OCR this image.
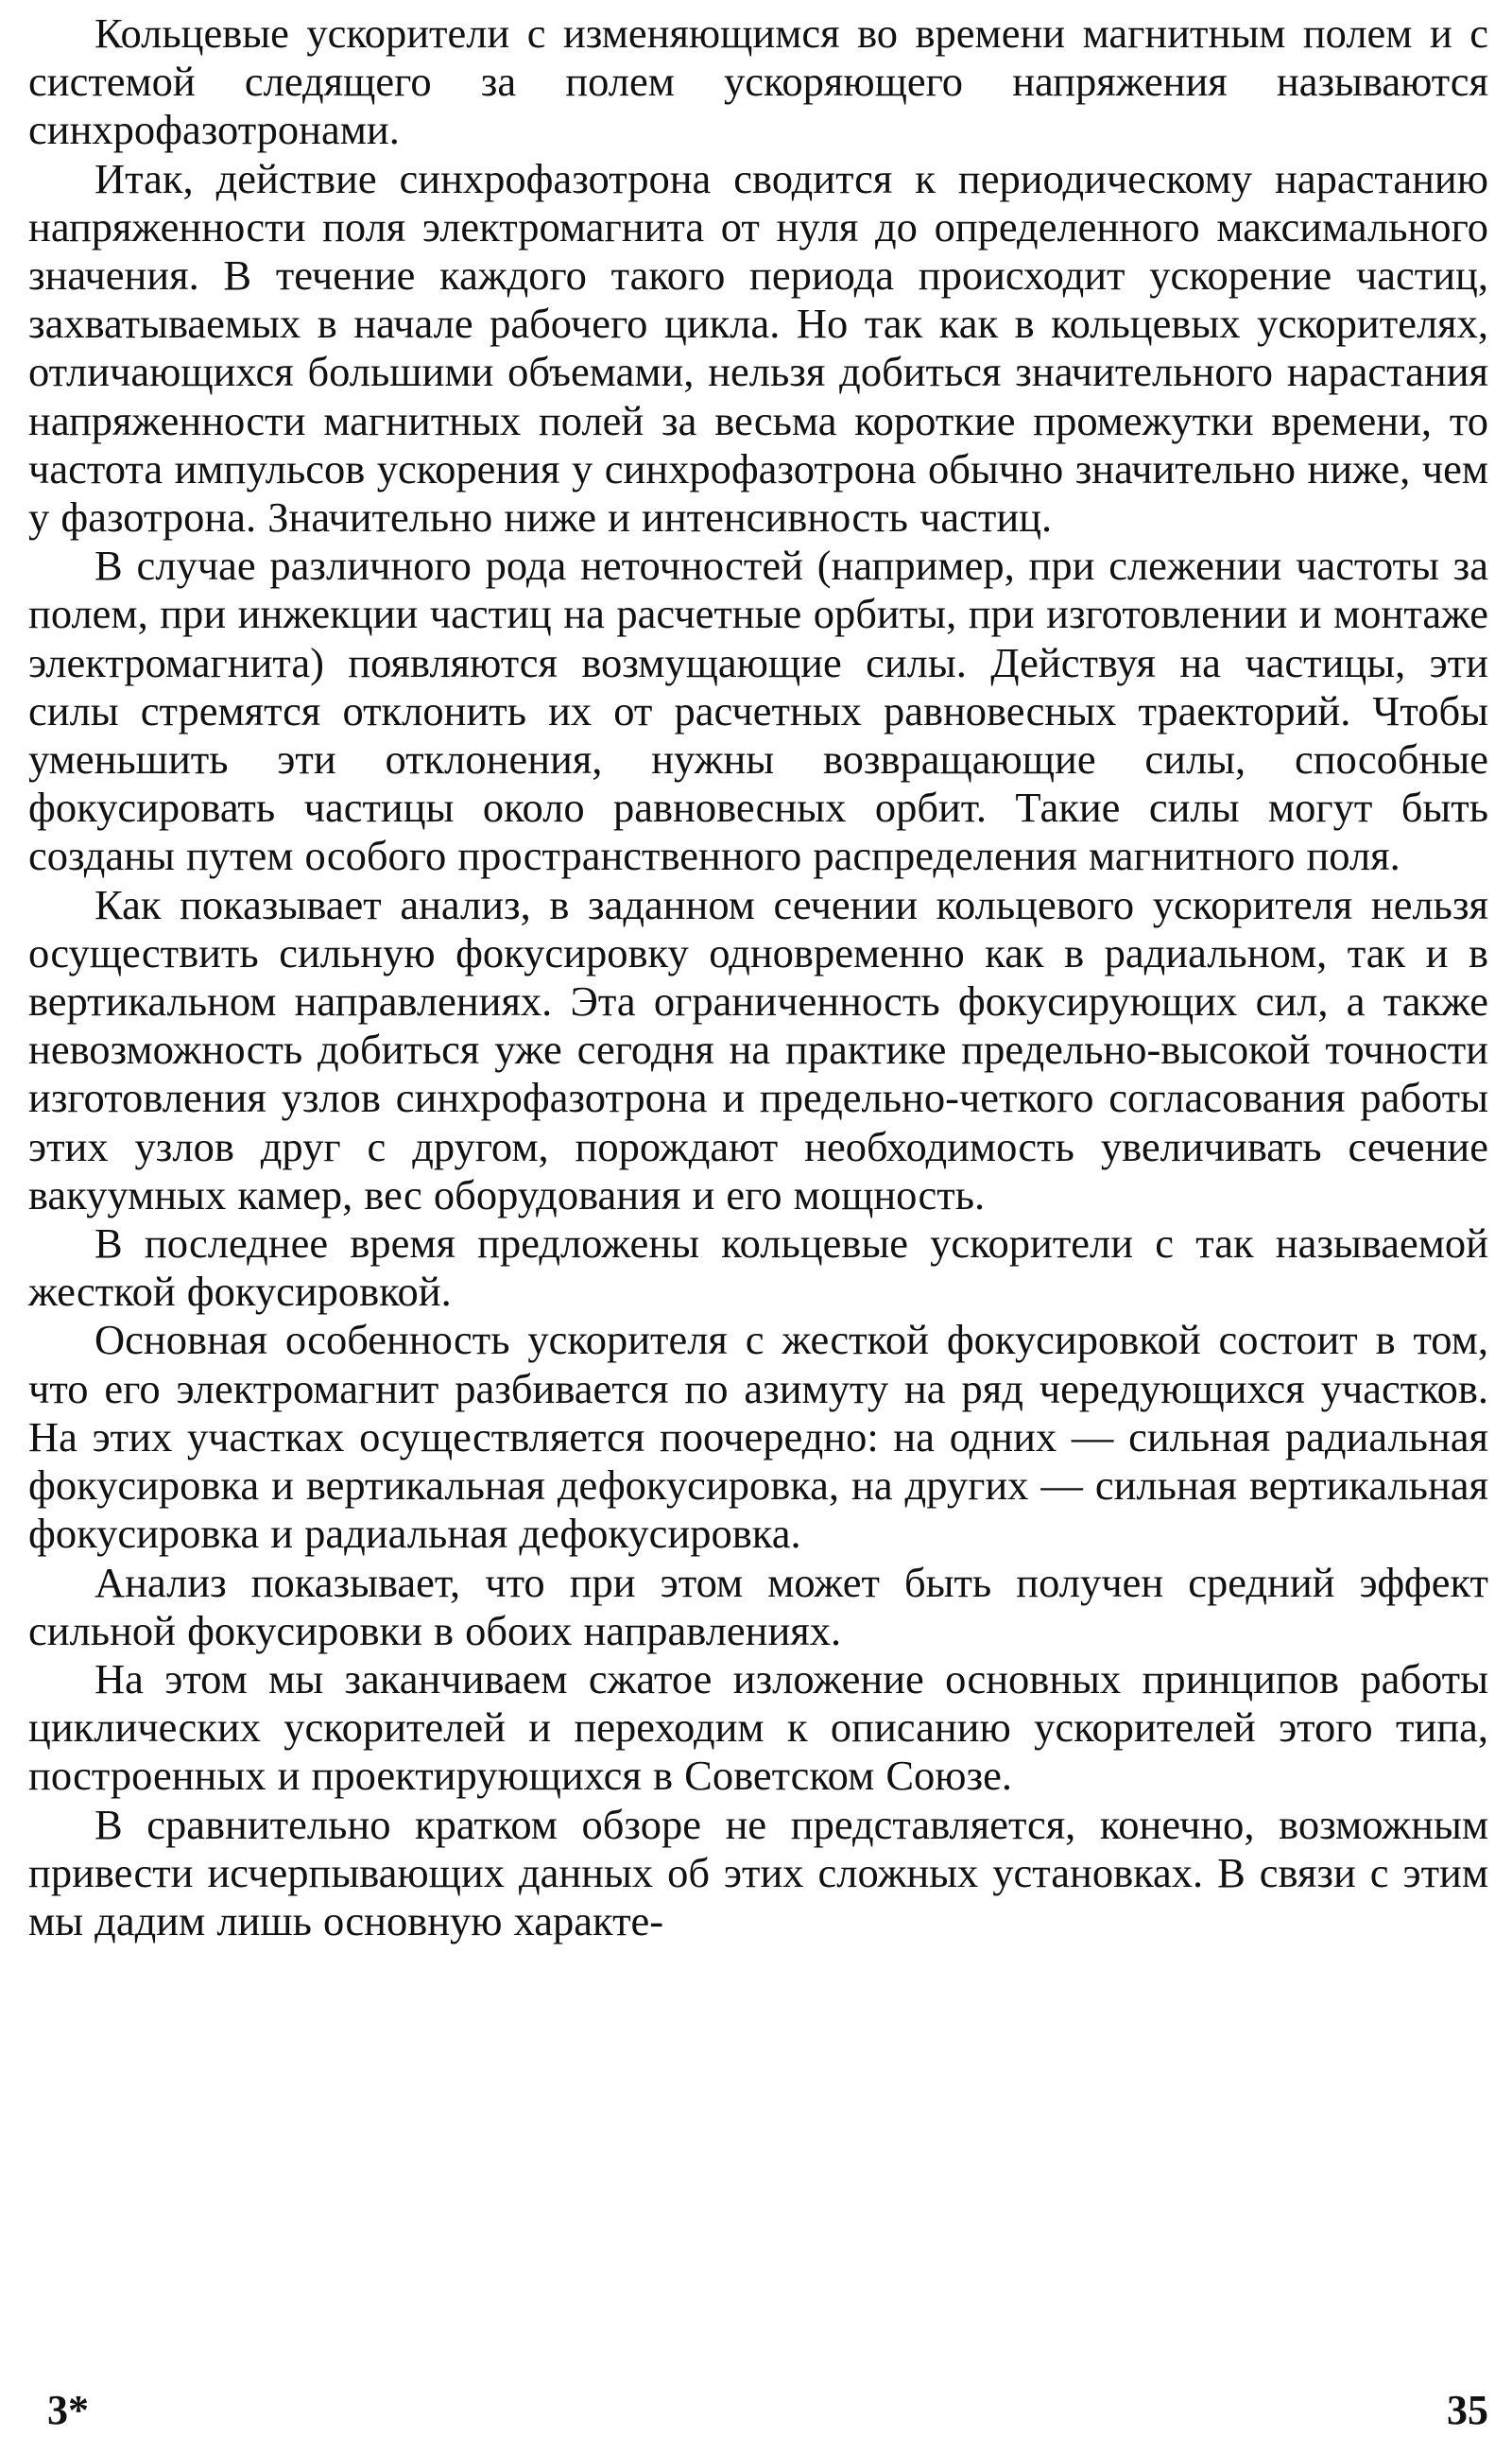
Кольцевые ускорители с изменяющимся во времени магнитным полем и с системой следящего за полем ускоряющего напряжения называются синхрофазотронами.

Итак, действие синхрофазотрона сводится к периодическому нарастанию напряженности поля электромагнита от нуля до определенного максимального значения. В течение каждого такого периода происходит ускорение частиц, захватываемых в начале рабочего цикла. Но так как в кольцевых ускорителях, отличающихся большими объемами, нельзя добиться значительного нарастания напряженности магнитных полей за весьма короткие промежутки времени, то частота импульсов ускорения у синхрофазотрона обычно значительно ниже, чем у фазотрона. Значительно ниже и интенсивность частиц.

В случае различного рода неточностей (например, при слежении частоты за полем, при инжекции частиц на расчетные орбиты, при изготовлении и монтаже электромагнита) появляются возмущающие силы. Действуя на частицы, эти силы стремятся отклонить их от расчетных равновесных траекторий. Чтобы уменьшить эти отклонения, нужны возвращающие силы, способные фокусировать частицы около равновесных орбит. Такие силы могут быть созданы путем особого пространственного распределения магнитного поля.

Как показывает анализ, в заданном сечении кольцевого ускорителя нельзя осуществить сильную фокусировку одновременно как в радиальном, так и в вертикальном направлениях. Эта ограниченность фокусирующих сил, а также невозможность добиться уже сегодня на практике предельно-высокой точности изготовления узлов синхрофазотрона и предельно-четкого согласования работы этих узлов друг с другом, порождают необходимость увеличивать сечение вакуумных камер, вес оборудования и его мощность.

В последнее время предложены кольцевые ускорители с так называемой жесткой фокусировкой.

Основная особенность ускорителя с жесткой фокусировкой состоит в том, что его электромагнит разбивается по азимуту на ряд чередующихся участков. На этих участках осуществляется поочередно: на одних — сильная радиальная фокусировка и вертикальная дефокусировка, на других — сильная вертикальная фокусировка и радиальная дефокусировка.

Анализ показывает, что при этом может быть получен средний эффект сильной фокусировки в обоих направлениях.

На этом мы заканчиваем сжатое изложение основных принципов работы циклических ускорителей и переходим к описанию ускорителей этого типа, построенных и проектирующихся в Советском Союзе.

В сравнительно кратком обзоре не представляется, конечно, возможным привести исчерпывающих данных об этих сложных установках. В связи с этим мы дадим лишь основную характе-

3*	35
